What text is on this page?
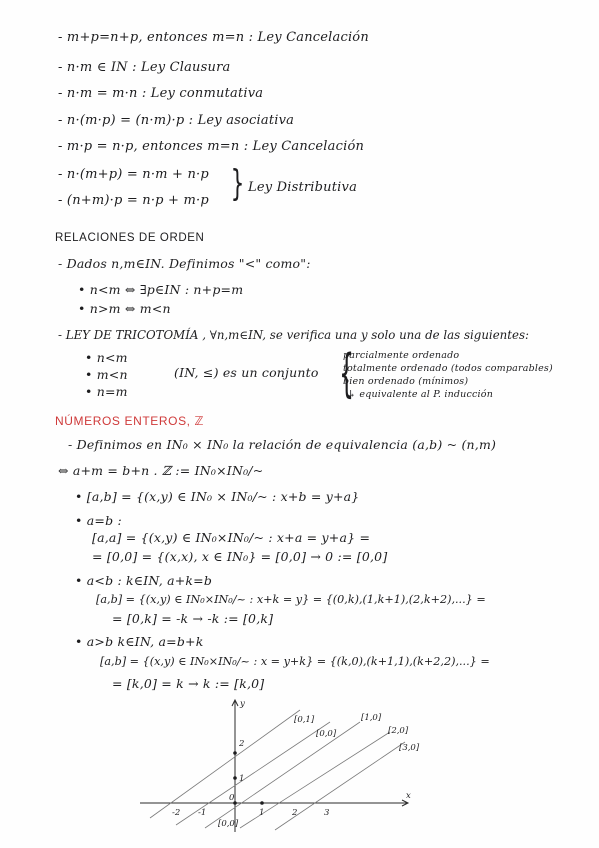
- m+p=n+p, entonces m=n : Ley Cancelación
- n·m ∈ IN : Ley Clausura
- n·m = m·n : Ley conmutativa
- n·(m·p) = (n·m)·p : Ley asociativa
- m·p = n·p, entonces m=n : Ley Cancelación
- n·(m+p) = n·m + n·p
- (n+m)·p = n·p + m·p } Ley Distributiva
RELACIONES DE ORDEN
- Dados n,m∈IN. Definimos "<" como":
• n<m ⇔ ∃p∈IN : n+p=m
• n>m ⇔ m<n
- LEY DE TRICOTOMÍA , ∀n,m∈IN, se verifica una y solo una de las siguientes:
• n<m
• m<n
• n=m
(IN, ≤) es un conjunto {
parcialmente ordenado
totalmente ordenado (todos comparables)
bien ordenado (mínimos)
↳ equivalente al P. inducción
NÚMEROS ENTEROS, ℤ
- Definimos en IN₀ × IN₀ la relación de equivalencia (a,b) ~ (n,m)
⇔ a+m = b+n . ℤ := IN₀×IN₀/~
• [a,b] = {(x,y) ∈ IN₀ × IN₀/~ : x+b = y+a}
• a=b :
[a,a] = {(x,y) ∈ IN₀×IN₀/~ : x+a = y+a} =
= [0,0] = {(x,x), x ∈ IN₀} = [0,0] → 0 := [0,0]
• a<b : k∈IN, a+k=b
[a,b] = {(x,y) ∈ IN₀×IN₀/~ : x+k = y} = {(0,k),(1,k+1),(2,k+2),...} =
= [0,k] = -k → -k := [0,k]
• a>b k∈IN, a=b+k
[a,b] = {(x,y) ∈ IN₀×IN₀/~ : x = y+k} = {(k,0),(k+1,1),(k+2,2),...} =
= [k,0] = k → k := [k,0]
x
y
-2 -1
0
1	2	3
1
2
[0,1]
[0,0]
[1,0]
[2,0]
[3,0]
[0,0]
